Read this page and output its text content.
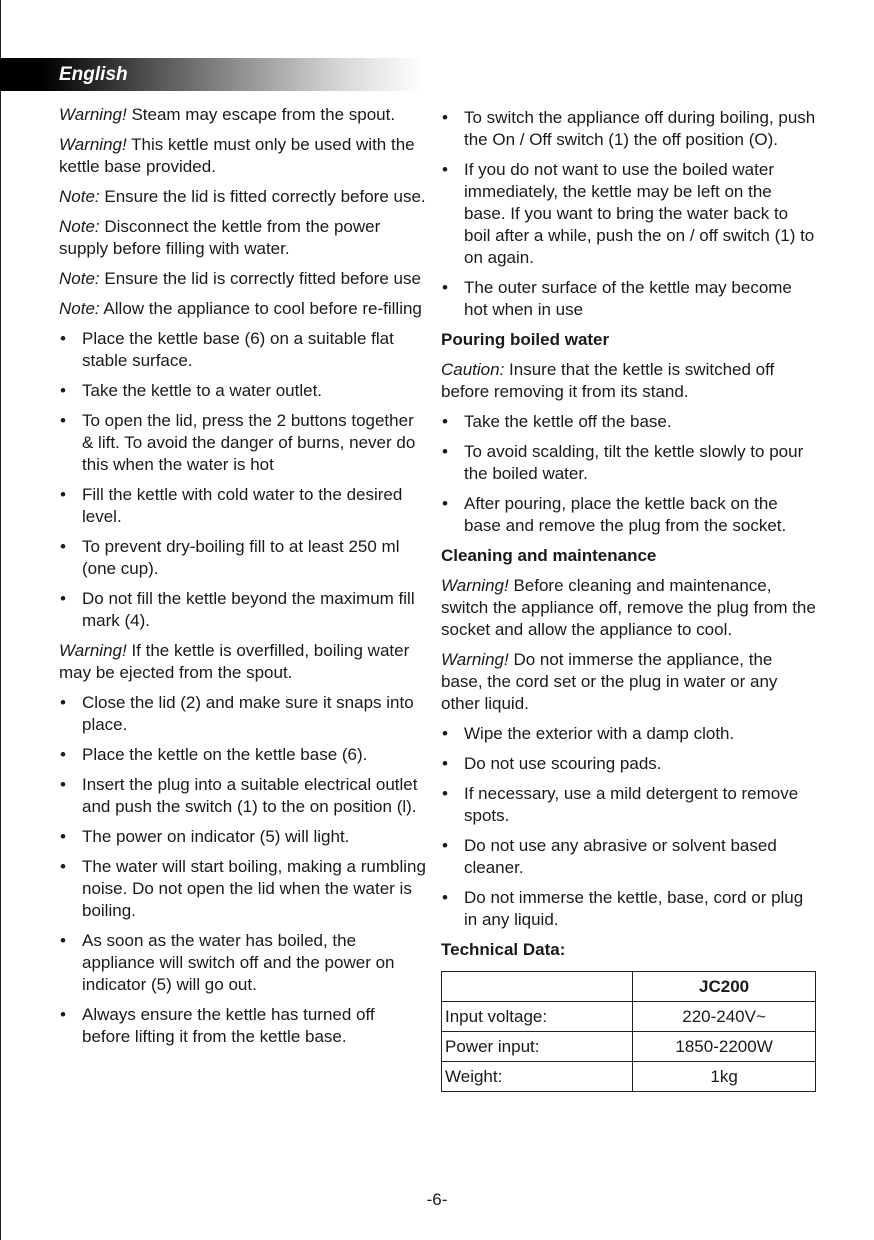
English

Warning! Steam may escape from the spout.

Warning! This kettle must only be used with the kettle base provided.

Note: Ensure the lid is fitted correctly before use.

Note: Disconnect the kettle from the power supply before filling with water.

Note: Ensure the lid is correctly fitted before use

Note: Allow the appliance to cool before re-filling

• Place the kettle base (6) on a suitable flat stable surface.
• Take the kettle to a water outlet.
• To open the lid, press the 2 buttons together & lift. To avoid the danger of burns, never do this when the water is hot
• Fill the kettle with cold water to the desired level.
• To prevent dry-boiling fill to at least 250 ml (one cup).
• Do not fill the kettle beyond the maximum fill mark (4).

Warning! If the kettle is overfilled, boiling water may be ejected from the spout.

• Close the lid (2) and make sure it snaps into place.
• Place the kettle on the kettle base (6).
• Insert the plug into a suitable electrical outlet and push the switch (1) to the on position (l).
• The power on indicator (5) will light.
• The water will start boiling, making a rumbling noise. Do not open the lid when the water is boiling.
• As soon as the water has boiled, the appliance will switch off and the power on indicator (5) will go out.
• Always ensure the kettle has turned off before lifting it from the kettle base.
• To switch the appliance off during boiling, push the On / Off switch (1) the off position (O).
• If you do not want to use the boiled water immediately, the kettle may be left on the base. If you want to bring the water back to boil after a while, push the on / off switch (1) to on again.
• The outer surface of the kettle may become hot when in use

Pouring boiled water

Caution: Insure that the kettle is switched off before removing it from its stand.

• Take the kettle off the base.
• To avoid scalding, tilt the kettle slowly to pour the boiled water.
• After pouring, place the kettle back on the base and remove the plug from the socket.

Cleaning and maintenance

Warning! Before cleaning and maintenance, switch the appliance off, remove the plug from the socket and allow the appliance to cool.

Warning! Do not immerse the appliance, the base, the cord set or the plug in water or any other liquid.

• Wipe the exterior with a damp cloth.
• Do not use scouring pads.
• If necessary, use a mild detergent to remove spots.
• Do not use any abrasive or solvent based cleaner.
• Do not immerse the kettle, base, cord or plug in any liquid.

Technical Data:

	JC200
Input voltage:	220-240V~
Power input:	1850-2200W
Weight:	1kg
-6-
